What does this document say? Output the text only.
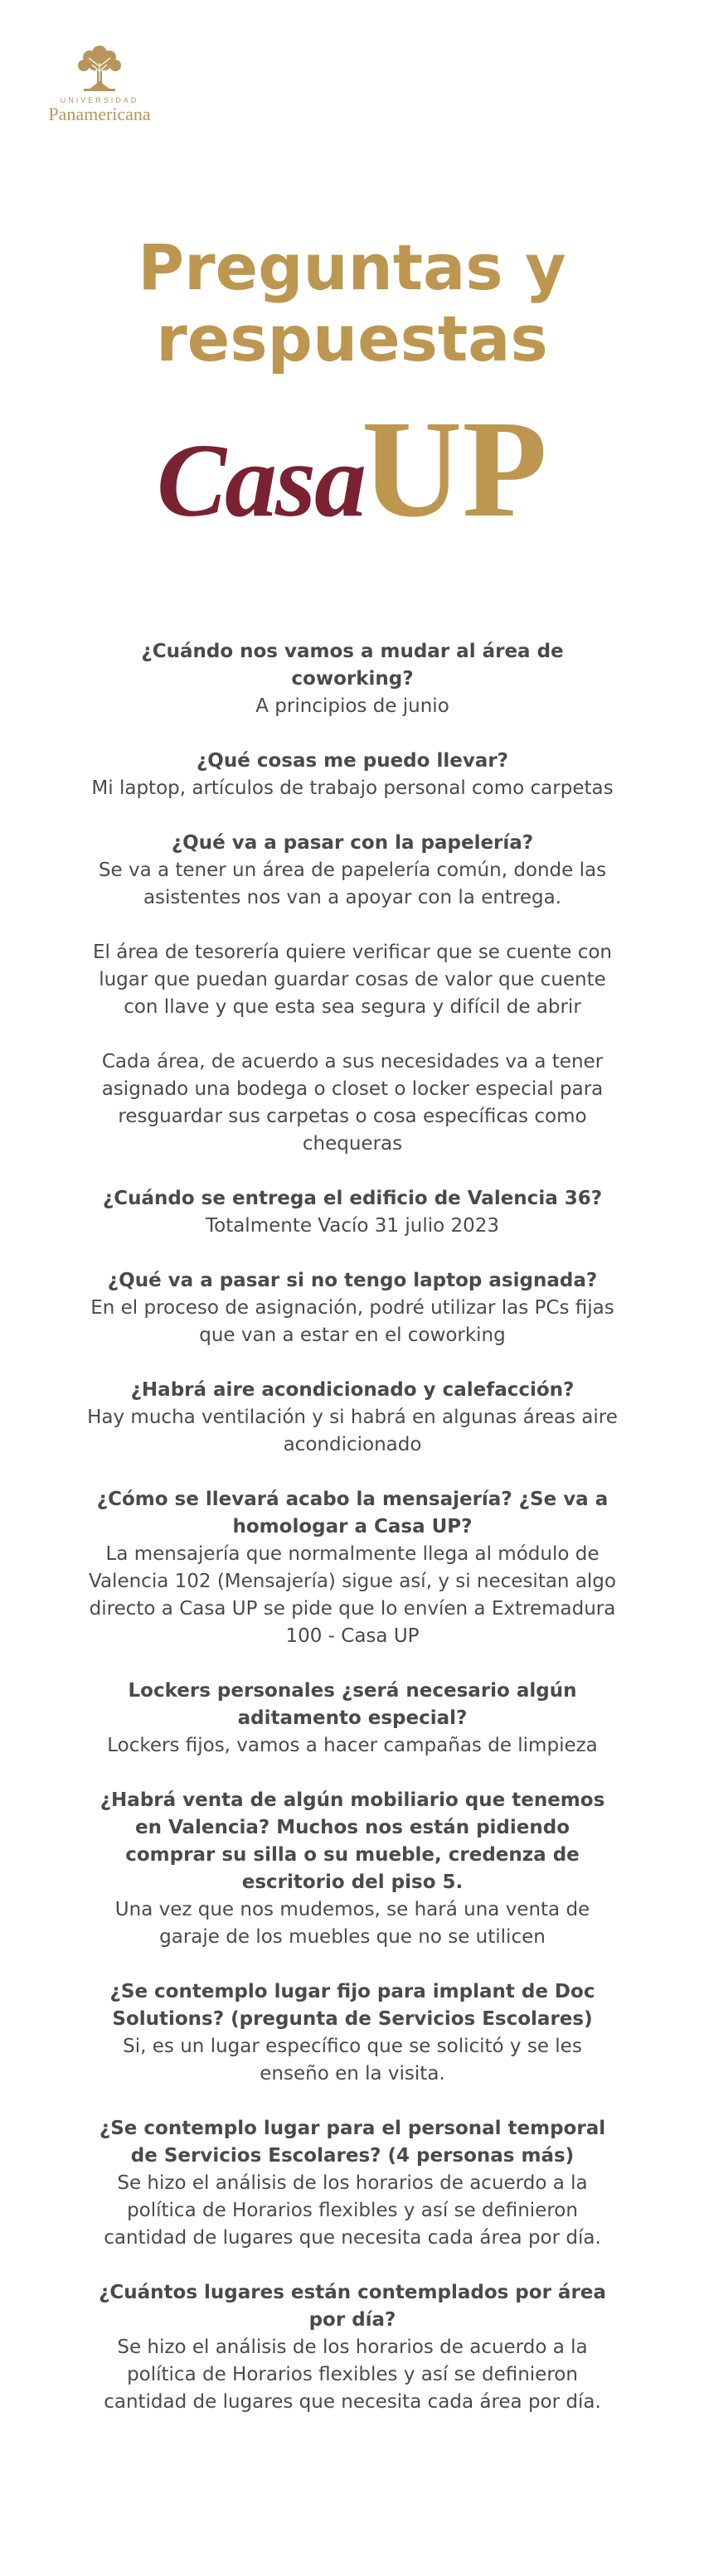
UNIVERSIDAD
Panamericana
Preguntas y
respuestas
CasaUP

¿Cuándo nos vamos a mudar al área de coworking?

A principios de junio

¿Qué cosas me puedo llevar?

Mi laptop, artículos de trabajo personal como carpetas

¿Qué va a pasar con la papelería?

Se va a tener un área de papelería común, donde las asistentes nos van a apoyar con la entrega.

El área de tesorería quiere verificar que se cuente con lugar que puedan guardar cosas de valor que cuente con llave y que esta sea segura y difícil de abrir

Cada área, de acuerdo a sus necesidades va a tener asignado una bodega o closet o locker especial para resguardar sus carpetas o cosa específicas como chequeras

¿Cuándo se entrega el edificio de Valencia 36?

Totalmente Vacío 31 julio 2023

¿Qué va a pasar si no tengo laptop asignada?

En el proceso de asignación, podré utilizar las PCs fijas que van a estar en el coworking

¿Habrá aire acondicionado y calefacción?

Hay mucha ventilación y si habrá en algunas áreas aire acondicionado

¿Cómo se llevará acabo la mensajería? ¿Se va a homologar a Casa UP?

La mensajería que normalmente llega al módulo de Valencia 102 (Mensajería) sigue así, y si necesitan algo directo a Casa UP se pide que lo envíen a Extremadura 100 - Casa UP

Lockers personales ¿será necesario algún aditamento especial?

Lockers fijos, vamos a hacer campañas de limpieza

¿Habrá venta de algún mobiliario que tenemos en Valencia? Muchos nos están pidiendo comprar su silla o su mueble, credenza de escritorio del piso 5.

Una vez que nos mudemos, se hará una venta de garaje de los muebles que no se utilicen

¿Se contemplo lugar fijo para implant de Doc Solutions? (pregunta de Servicios Escolares)

Si, es un lugar específico que se solicitó y se les enseño en la visita.

¿Se contemplo lugar para el personal temporal de Servicios Escolares? (4 personas más)

Se hizo el análisis de los horarios de acuerdo a la política de Horarios flexibles y así se definieron cantidad de lugares que necesita cada área por día.

¿Cuántos lugares están contemplados por área por día?

Se hizo el análisis de los horarios de acuerdo a la política de Horarios flexibles y así se definieron cantidad de lugares que necesita cada área por día.
